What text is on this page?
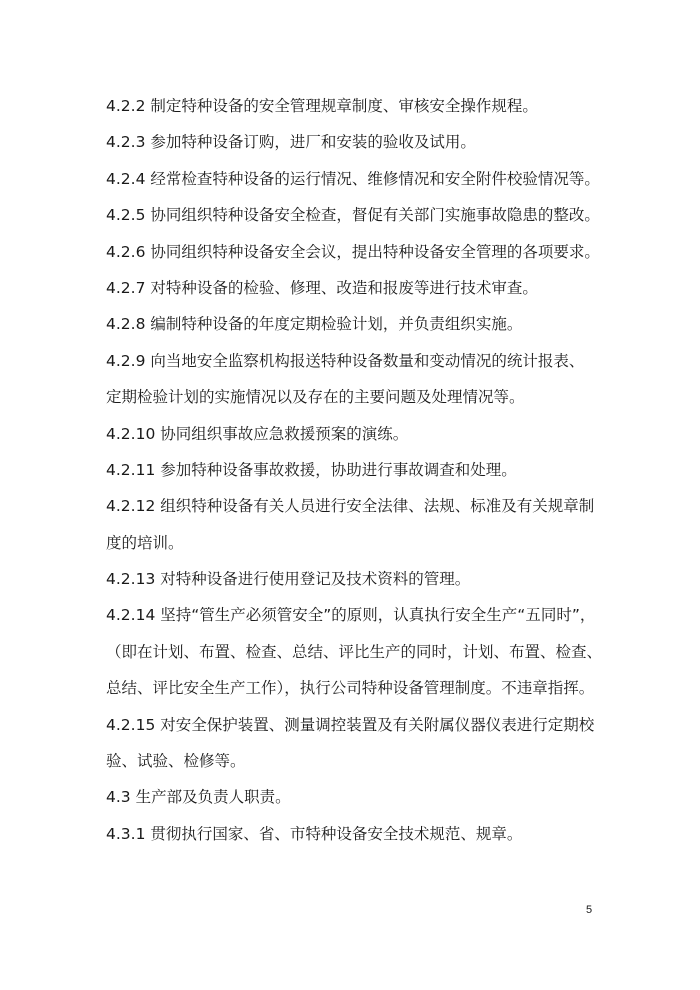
4.2.2 制定特种设备的安全管理规章制度、审核安全操作规程。
4.2.3 参加特种设备订购，进厂和安装的验收及试用。
4.2.4 经常检查特种设备的运行情况、维修情况和安全附件校验情况等。
4.2.5 协同组织特种设备安全检查，督促有关部门实施事故隐患的整改。
4.2.6 协同组织特种设备安全会议，提出特种设备安全管理的各项要求。
4.2.7 对特种设备的检验、修理、改造和报废等进行技术审查。
4.2.8 编制特种设备的年度定期检验计划，并负责组织实施。
4.2.9 向当地安全监察机构报送特种设备数量和变动情况的统计报表、
定期检验计划的实施情况以及存在的主要问题及处理情况等。
4.2.10 协同组织事故应急救援预案的演练。
4.2.11 参加特种设备事故救援，协助进行事故调查和处理。
4.2.12 组织特种设备有关人员进行安全法律、法规、标准及有关规章制
度的培训。
4.2.13 对特种设备进行使用登记及技术资料的管理。
4.2.14 坚持“管生产必须管安全”的原则，认真执行安全生产“五同时”，
（即在计划、布置、检查、总结、评比生产的同时，计划、布置、检查、
总结、评比安全生产工作），执行公司特种设备管理制度。不违章指挥。
4.2.15 对安全保护装置、测量调控装置及有关附属仪器仪表进行定期校
验、试验、检修等。
4.3 生产部及负责人职责。
4.3.1 贯彻执行国家、省、市特种设备安全技术规范、规章。
5
